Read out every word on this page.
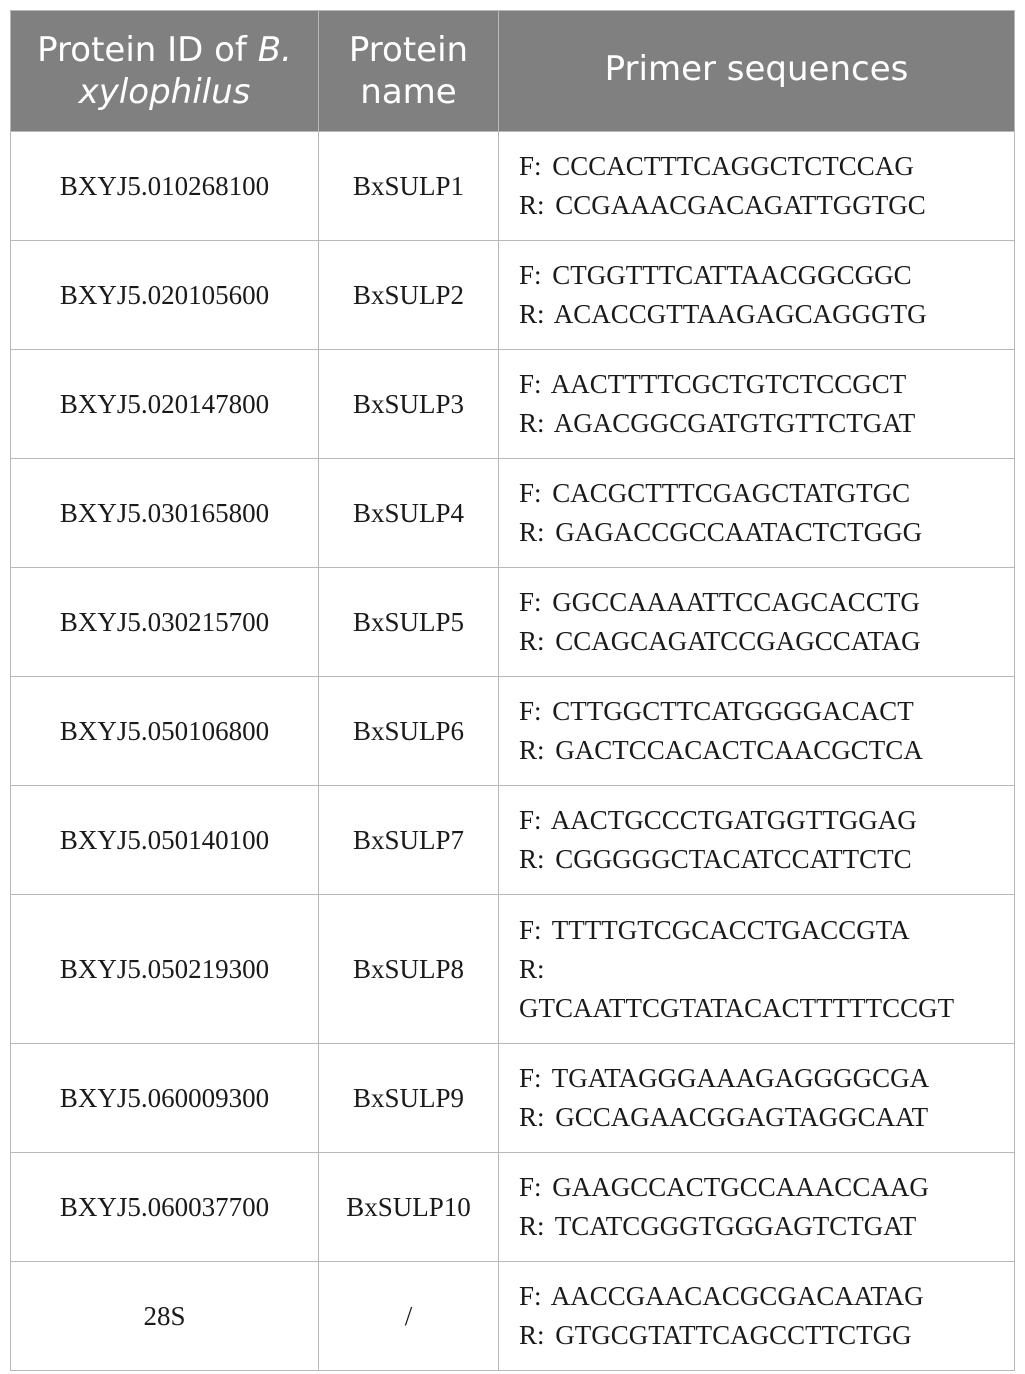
Protein ID of B. xylophilus	Protein name	Primer sequences
BXYJ5.010268100	BxSULP1	F: CCCACTTTCAGGCTCTCCAG
R: CCGAAACGACAGATTGGTGC

BXYJ5.020105600	BxSULP2	F: CTGGTTTCATTAACGGCGGC
R: ACACCGTTAAGAGCAGGGTG

BXYJ5.020147800	BxSULP3	F: AACTTTTCGCTGTCTCCGCT
R: AGACGGCGATGTGTTCTGAT

BXYJ5.030165800	BxSULP4	F: CACGCTTTCGAGCTATGTGC
R: GAGACCGCCAATACTCTGGG

BXYJ5.030215700	BxSULP5	F: GGCCAAAATTCCAGCACCTG
R: CCAGCAGATCCGAGCCATAG

BXYJ5.050106800	BxSULP6	F: CTTGGCTTCATGGGGACACT
R: GACTCCACACTCAACGCTCA

BXYJ5.050140100	BxSULP7	F: AACTGCCCTGATGGTTGGAG
R: CGGGGGCTACATCCATTCTC

BXYJ5.050219300	BxSULP8	F: TTTTGTCGCACCTGACCGTA
R:
GTCAATTCGTATACACTTTTTCCGT

BXYJ5.060009300	BxSULP9	F: TGATAGGGAAAGAGGGGCGA
R: GCCAGAACGGAGTAGGCAAT

BXYJ5.060037700	BxSULP10	F: GAAGCCACTGCCAAACCAAG
R: TCATCGGGTGGGAGTCTGAT

28S	/	F: AACCGAACACGCGACAATAG
R: GTGCGTATTCAGCCTTCTGG
